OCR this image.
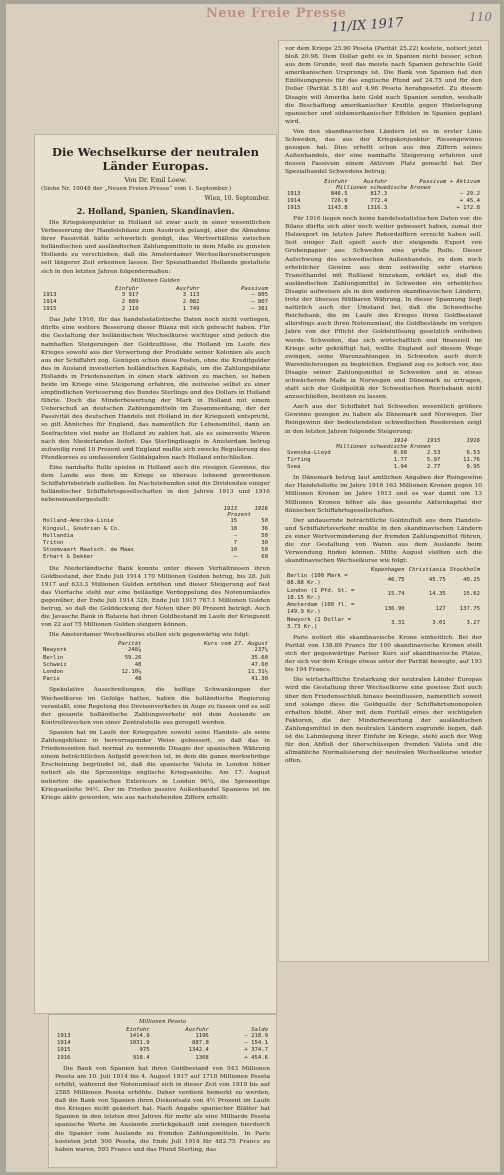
Neue Freie Presse
11/IX 1917	110
Die Wechselkurse der neutralen Länder Europas.
Von Dr. Emil Loew.
(Siehe Nr. 19048 der „Neuen Freien Presse“ vom 1. September.)
Wien, 10. September.
2. Holland, Spanien, Skandinavien.

Die Kriegskonjunktur in Holland ist zwar auch in einer wesentlichen Verbesserung der Handelsbilanz zum Ausdruck gelangt, aber die Abnahme ihrer Passivität hätte schwerlich genügt, das Wertverhältnis zwischen holländischen und ausländischen Zahlungsmitteln in dem Maße zu gunsten Hollands zu verschieben, daß die Amsterdamer Wechselkursnotierungen seit längerer Zeit erkennen lassen. Der Speziathandel Hollands gestaltete sich in den letzten Jahren folgendermaßen:

Millionen Gulden
	Einfuhr	Ausfuhr	Passivum
1913	3 917	3 113	— 805
1914	2 889	2 082	— 807
1915	2 110	1 749	— 361

Das Jahr 1916, für das handelsstatistische Daten noch nicht vorliegen, dürfte eine weitere Besserung dieser Bilanz mit sich gebracht haben. Für die Gestaltung der holländischen Wechselkurse wichtiger sind jedoch die namhaften Steigerungen der Goldzuflüsse, die Holland im Laufe des Krieges sowohl aus der Verwertung der Produkte seiner Kolonien als auch aus der Schiffahrt zog. Genügen schon diese Posten, ohne die Kreditgelder des in Ausland investierten holländischen Kapitals, um die Zahlungsbilanz Hollands in Friedenszeiten in einen stark aktiven zu machen, so haben beide im Kriege eine Steigerung erfahren, die zeitweise selbst zu einer empfindlichen Verteuerung des Bundes Sterlings und des Dollars in Holland führte. Doch die Minderbewertung der Mark in Holland mit einem Ueberschuß an deutschen Zahlungsmitteln im Zusammenhang, der der Passivität des deutschen Handels mit Holland in der Kriegszeit entspricht, so gilt Ähnliches für England, das namentlich für Lebensmittel, dann an Seefrachten viel mehr an Holland zu zahlen hat, als es seinerseits Waren nach den Niederlanden liefert. Das Sterlingdisagio in Amsterdam betrug zeitweilig rund 10 Prozent und England mußte sich zwecks Regulierung des Pfundkurses zu umfassenden Goldabgaben nach Holland entschließen.

Eine namhafte Rolle spielen in Holland auch die riesigen Gewinne, die dem Lande aus dem im Kriege so überaus lohnend gewordenen Schiffahrtsbetrieb zufließen. Im Nachstehenden sind die Dividenden einiger holländischer Schiffahrtsgesellschaften in den Jahren 1913 und 1916 nebeneinandergestellt:

	1913	1916
	Prozent	
Holland-Amerika-Linie	15	50
Kingsul, Goudrian & Co.	10	36
Hollandia	—	50
Triton	7	30
Stoomvaart Maatsch. de Maas	10	50
Erhart & Dekker	—	60

Die Niederländische Bank konnte unter diesen Verhältnissen ihren Goldbestand, der Ende Juli 1914 170 Millionen Gulden betrug, bis 28. Juli 1917 auf 633.3 Millionen Gulden erhöhen und dieser Steigerung auf fast das Vierfache steht nur eine beiläufige Verdoppelung des Notenumlaufes gegenüber, der Ende Juli 1914 326, Ende Juli 1917 767.1 Millionen Gulden betrug, so daß die Golddeckung der Noten über 80 Prozent beträgt. Auch die Javasche Bank in Batavia hat ihren Goldbestand im Laufe der Kriegszeit von 22 auf 75 Millionen Gulden steigern können.

Die Amsterdamer Wechselkurse stellen sich gegenwärtig wie folgt:

	Parität	Kurs vom 27. August
Newyork	248⅞	237¼
Berlin	59.26	35.60
Schweiz	48	47.60
London	12.10⅞	11.31½
Paris	48	41.30

Spekulative Ausschreitungen, die heftige Schwankungen der Wechselkurse im Gefolge hatten, haben die holländische Regierung veranlaßt, eine Regelung des Devisenverkehrs in Auge zu fassen und es soll der gesamte holländische Zahlungsverkehr mit dem Auslande an Kontrollzwecken von einer Zentralstelle aus geregelt werden.

Spanien hat im Laufe der Kriegsjahre sowohl seine Handels- als seine Zahlungsbilanz in hervorragender Weise gebessert, so daß das in Friedenszeiten fast normal zu nennende Disagio der spanischen Währung einem beträchtlichen Aufgeld gewichen ist, in dem die ganze merkwürdige Erscheinung begründet ist, daß die spanische Valuta in London höher notiert als die Sprozentige englische Kriegsanleihe. Am 17. August notierten die spanischen Exterieurs in London 96¼, die 5prozentige Kriegsanleihe 94½. Der im Frieden passive Außenhandel Spaniens ist im Kriege aktiv geworden, wie aus nachstehenden Ziffern erhellt:

Millionen Peseta
	Einfuhr	Ausfuhr	Saldo
1913	1414.9	1196	— 218.9
1914	1031.9	887.8	— 154.1
1915	975	1342.4	+ 374.7
1916	918.4	1368	+ 454.6

Die Bank von Spanien hat ihren Goldbestand von 543 Millionen Peseta am 10. Juli 1914 bis 4. August 1917 auf 1718 Millionen Peseta erhöht, während der Notenumlauf sich in dieser Zeit von 1919 bis auf 2585 Millionen Peseta erhöhte. Daher verdient bemerkt zu werden, daß die Bank von Spanien ihren Diskontsatz von 4½ Prozent im Laufe des Krieges nicht geändert hat. Nach Angabe spanischer Blätter hat Spanien in den letzten drei Jahren für mehr als eine Milliarde Peseta spanische Werte im Auslande zurückgekauft und zwingen hierdurch die Spanier vom Auslande zu fremden Zahlungsmitteln. In Paris kosteten jetzt 500 Peseta, die Ende Juli 1914 für 482.75 Francs zu haben waren, 593 Francs und das Pfund Sterling, das

vor dem Kriege 25.90 Peseta (Parität 25.22) kostete, notiert jetzt bloß 20.98. Dem Dollar geht es in Spanien nicht besser, schon aus dem Grunde, weil das meiste nach Spanien gebrachte Gold amerikanischen Ursprungs ist. Die Bank von Spanien hat den Einlösungspreis für das englische Pfund auf 24.75 und für den Dollar (Parität 5.18) auf 4.96 Peseta herabgesetzt. Zu diesem Disagio will Amerika kein Gold nach Spanien senden, weshalb die Beschaffung amerikanischer Kredite gegen Hinterlegung spanischer und südamerikanischer Effekten in Spanien geplant wird.

Von den skandinavischen Ländern ist es in erster Linie Schweden, das aus der Kriegskonjunktur Riesengewinne gezogen hat. Dies erhellt schon aus den Ziffern seines Außenhandels, der eine namhafte Steigerung erfahren und dessen Passivum einem Aktivum Platz gemacht hat. Der Spezialhandel Schwedens betrug:

	Einfuhr	Ausfuhr	Passivum + Aktivum
Millionen schwedische Kronen			
1913	846.5	817.3	— 29.2
1914	726.9	772.4	+ 45.4
1915	1143.8	1316.3	+ 172.8

Für 1916 liegen noch keine handelsstatistischen Daten vor, die Bilanz dürfte sich aber noch weiter gebessert haben, zumal der Holzexport im letzten Jahre Rekordziffern erreicht haben soll. Seit einiger Zeit spielt auch der steigende Export von Grubenpapier aus Schweden eine große Rolle. Dieser Aufschwung des schwedischen Außenhandels, zu dem noch erheblicher Gewinn aus dem zeitweilig sehr starken Transithandel mit Rußland hinzukam, erklärt es, daß die ausländischen Zahlungsmittel in Schweden ein erhebliches Disagio aufweisen als in den anderen skandinavischen Ländern, trotz der überaus fühlbaren Währung. In dieser Spannung liegt natürlich auch der Umstand bei, daß die Schwedische Reichsbank, die im Laufe des Krieges ihren Goldbestand allerdings auch ihren Notenumlauf, die Goldbestände im vorigen Jahre von der Pflicht der Goldeinlösung gesetzlich enthoben wurde. Schweden, das sich wirtschaftlich und finanziell im Kriege sehr gekräftigt hat, wollte England auf diesem Wege zwingen, seine Warenzahlungen in Schweden auch durch Warenlieferungen zu begleichen. England zog es jedoch vor, das Disagio seiner Zahlungsmittel in Schweden und in etwas schwächerem Maße in Norwegen und Dänemark zu ertragen, statt sich der Goldpolitik der Schwedischen Reichsbank nicht anzuschließen, besitzen zu lassen.

Auch aus der Schiffahrt hat Schweden wesentlich größere Gewinne gezogen zu haben als Dänemark und Norwegen. Der Reingewinn der bedeutendsten schwedischen Reedereien zeigt in den letzten Jahren folgende Steigerung:

	1914	1915	1916
Millionen schwedische Kronen			
Svenska-Lloyd	0.68	2.53	6.53
Tirfing	1.77	5.97	11.76
Svea	1.94	2.77	9.95

In Dänemark betrug laut amtlichen Angaben der Reingewinn der Handelsflotte im Jahre 1916 163 Millionen Kronen gegen 10 Millionen Kronen im Jahre 1913 und es war damit um 13 Millionen Kronen höher als das gesamte Aktienkapital der dänischen Schiffahrtsgesellschaften.

Der andauernde beträchtliche Goldzufluß aus dem Handels- und Schiffahrtsverkehr mußte in den skandinavischen Ländern zu einer Wertverminderung der fremden Zahlungsmittel führen, die zur Gestaltung von Waren aus dem Auslande beim Verwendung finden können. Mitte August stellten sich die skandinavischen Wechselkurse wie folgt:

	Kopenhagen	Christiania	Stockholm
Berlin (100 Mark = 88.88 Kr.)	46.75	45.75	40.25
London (1 Pfd. St. = 18.15 Kr.)	15.74	14.35	15.62
Amsterdam (100 fl. = 149.9 Kr.)	136.90	127	137.75
Newyork (1 Dollar = 3.73 Kr.)	3.31	3.01	3.27

Paris notiert die skandinavische Krone einheitlich. Bei der Parität von 138.89 Francs für 100 skandinavische Kronen stellt sich der gegenwärtige Pariser Kurs auf skandinavische Plätze, der sich vor dem Kriege etwas unter der Parität bewegte, auf 193 bis 194 Francs.

Die wirtschaftliche Erstarkung der neutralen Länder Europas wird die Gestaltung ihrer Wechselkurse eine gewisse Zeit auch über den Friedensschluß hinaus beeinflussen, namentlich soweit und solange diese die Goldquelle der Schiffahrtsmonopolen erhalten bleibt. Aber mit dem Fortfall eines der wichtigsten Faktoren, die der Minderbewertung der ausländischen Zahlungsmittel in den neutralen Ländern zugrunde liegen, daß ist die Lahmlegung ihrer Einfuhr im Kriege, steht auch der Weg für den Abfluß der überschüssigen fremden Valuta und die allmähliche Normalisierung der neutralen Wechselkurse wieder offen.
